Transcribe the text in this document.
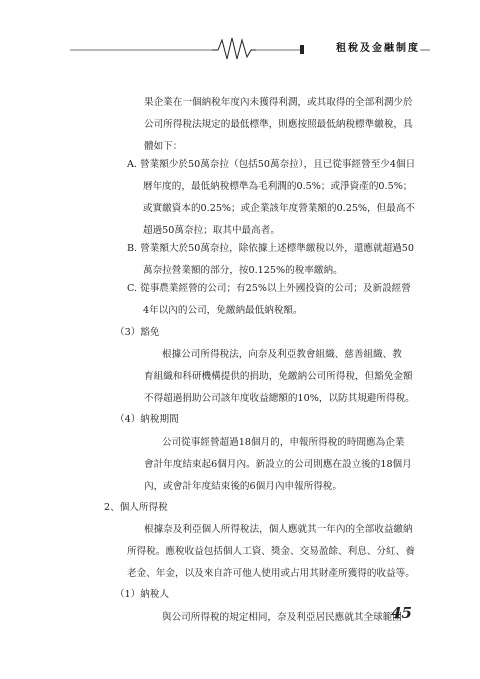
租稅及金融制度
果企業在一個納稅年度內未獲得利潤，或其取得的全部利潤少於
公司所得稅法規定的最低標準，則應按照最低納稅標準繳稅，具
體如下：
A. 營業額少於50萬奈拉（包括50萬奈拉），且已從事經營至少4個日
曆年度的，最低納稅標準為毛利潤的0.5%；或淨資產的0.5%；
或實繳資本的0.25%；或企業該年度營業額的0.25%，但最高不
超過50萬奈拉；取其中最高者。
B. 營業額大於50萬奈拉，除依據上述標準繳稅以外，還應就超過50
萬奈拉營業額的部分，按0.125%的稅率繳納。
C. 從事農業經營的公司；有25%以上外國投資的公司；及新設經營
4年以內的公司，免繳納最低納稅額。
（3）豁免
根據公司所得稅法，向奈及利亞教會組織、慈善組織、教
育組織和科研機構提供的捐助，免繳納公司所得稅，但豁免金額
不得超過捐助公司該年度收益總額的10%，以防其規避所得稅。
（4）納稅期間
公司從事經營超過18個月的，申報所得稅的時間應為企業
會計年度結束起6個月內。新設立的公司則應在設立後的18個月
內，或會計年度結束後的6個月內申報所得稅。
2、個人所得稅
根據奈及利亞個人所得稅法，個人應就其一年內的全部收益繳納
所得稅。應稅收益包括個人工資、獎金、交易盈餘、利息、分紅、養
老金、年金，以及來自許可他人使用或占用其財產所獲得的收益等。
（1）納稅人
與公司所得稅的規定相同，奈及利亞居民應就其全球範圍
45
